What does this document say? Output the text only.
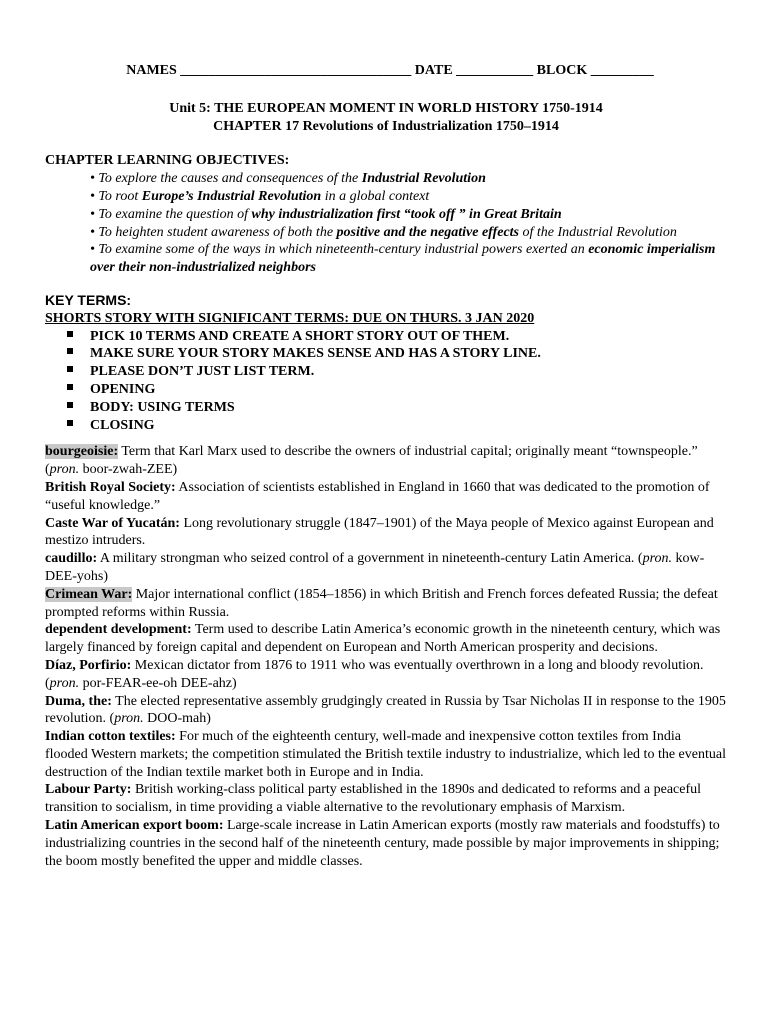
NAMES _________________________________ DATE ___________ BLOCK _________
Unit 5: THE EUROPEAN MOMENT IN WORLD HISTORY 1750-1914
CHAPTER 17 Revolutions of Industrialization 1750–1914
CHAPTER LEARNING OBJECTIVES:
• To explore the causes and consequences of the Industrial Revolution
• To root Europe’s Industrial Revolution in a global context
• To examine the question of why industrialization first “took off ” in Great Britain
• To heighten student awareness of both the positive and the negative effects of the Industrial Revolution
• To examine some of the ways in which nineteenth-century industrial powers exerted an economic imperialism over their non-industrialized neighbors
KEY TERMS:
SHORTS STORY WITH SIGNIFICANT TERMS: DUE ON THURS. 3 JAN 2020
PICK 10 TERMS AND CREATE A SHORT STORY OUT OF THEM.
MAKE SURE YOUR STORY MAKES SENSE AND HAS A STORY LINE.
PLEASE DON’T JUST LIST TERM.
OPENING
BODY: USING TERMS
CLOSING

bourgeoisie: Term that Karl Marx used to describe the owners of industrial capital; originally meant “townspeople.” (pron. boor-zwah-ZEE)

British Royal Society: Association of scientists established in England in 1660 that was dedicated to the promotion of “useful knowledge.”

Caste War of Yucatán: Long revolutionary struggle (1847–1901) of the Maya people of Mexico against European and mestizo intruders.

caudillo: A military strongman who seized control of a government in nineteenth-century Latin America. (pron. kow-DEE-yohs)

Crimean War: Major international conflict (1854–1856) in which British and French forces defeated Russia; the defeat prompted reforms within Russia.

dependent development: Term used to describe Latin America’s economic growth in the nineteenth century, which was largely financed by foreign capital and dependent on European and North American prosperity and decisions.

Díaz, Porfirio: Mexican dictator from 1876 to 1911 who was eventually overthrown in a long and bloody revolution. (pron. por-FEAR-ee-oh DEE-ahz)

Duma, the: The elected representative assembly grudgingly created in Russia by Tsar Nicholas II in response to the 1905 revolution. (pron. DOO-mah)

Indian cotton textiles: For much of the eighteenth century, well-made and inexpensive cotton textiles from India flooded Western markets; the competition stimulated the British textile industry to industrialize, which led to the eventual destruction of the Indian textile market both in Europe and in India.

Labour Party: British working-class political party established in the 1890s and dedicated to reforms and a peaceful transition to socialism, in time providing a viable alternative to the revolutionary emphasis of Marxism.

Latin American export boom: Large-scale increase in Latin American exports (mostly raw materials and foodstuffs) to industrializing countries in the second half of the nineteenth century, made possible by major improvements in shipping; the boom mostly benefited the upper and middle classes.
